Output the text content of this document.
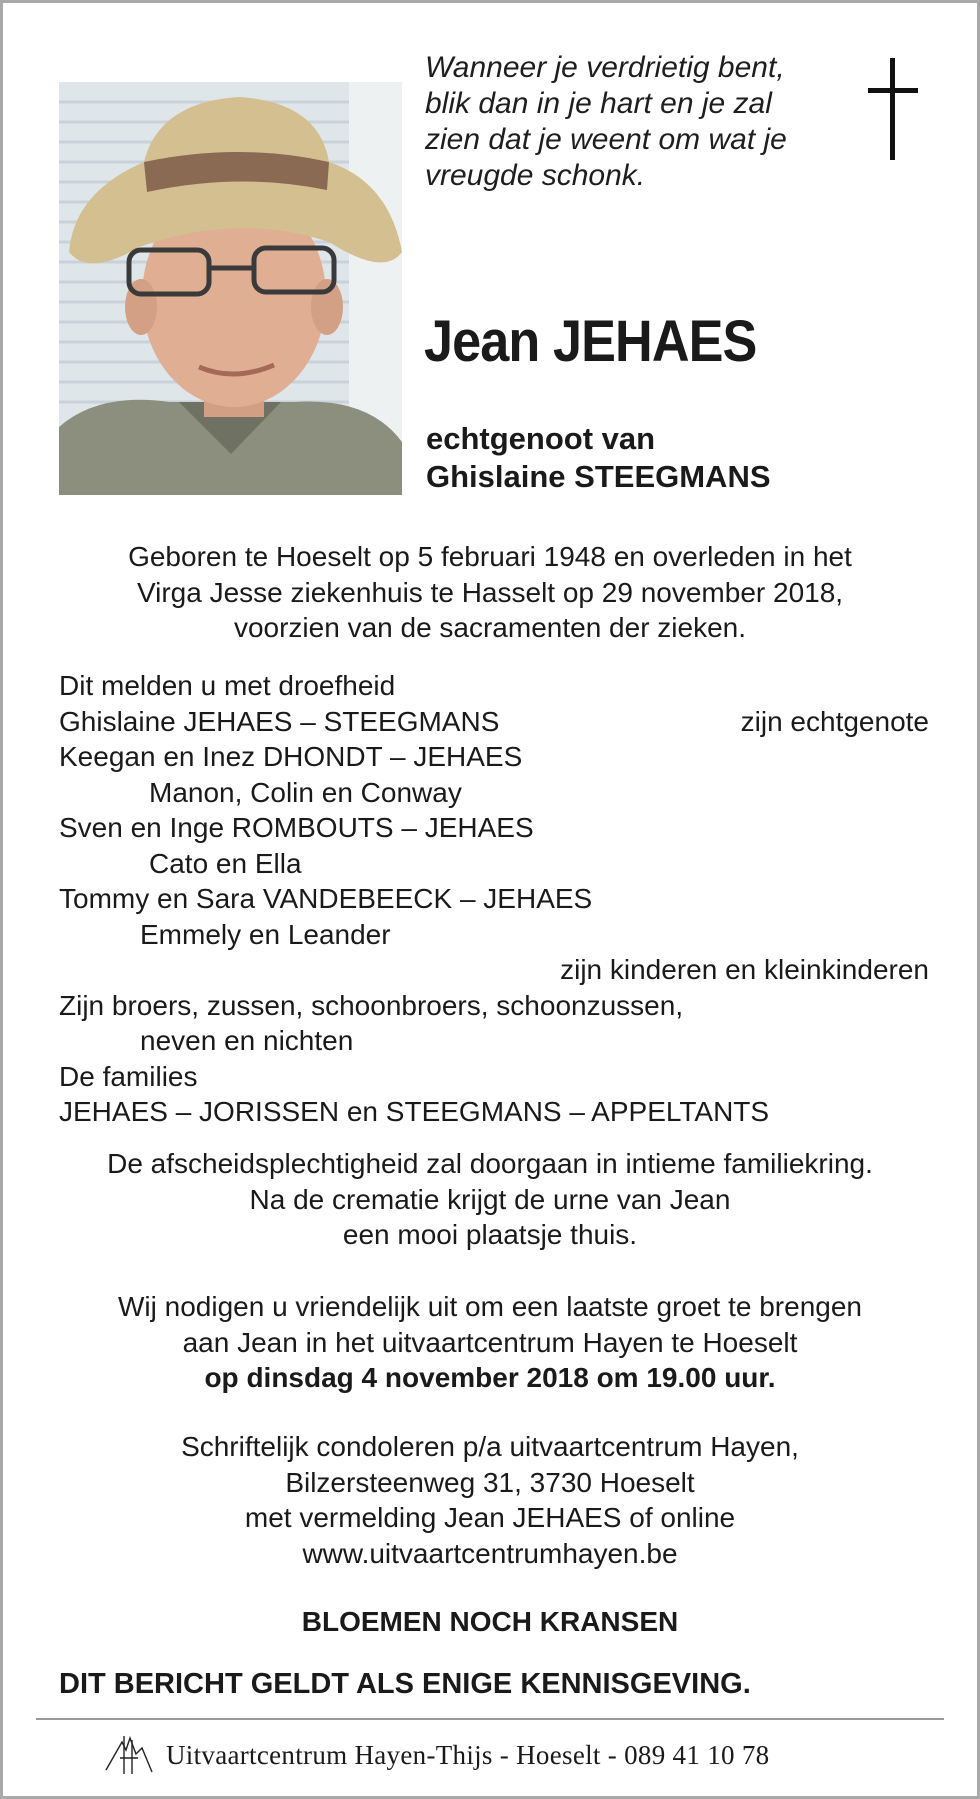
Wanneer je verdrietig bent,
blik dan in je hart en je zal
zien dat je weent om wat je
vreugde schonk.
Jean JEHAES
echtgenoot van
Ghislaine STEEGMANS
Geboren te Hoeselt op 5 februari 1948 en overleden in het
Virga Jesse ziekenhuis te Hasselt op 29 november 2018,
voorzien van de sacramenten der zieken.
Dit melden u met droefheid
Ghislaine JEHAES – STEEGMANS	zijn echtgenote
Keegan en Inez DHONDT – JEHAES
Manon, Colin en Conway
Sven en Inge ROMBOUTS – JEHAES
Cato en Ella
Tommy en Sara VANDEBEECK – JEHAES
Emmely en Leander
zijn kinderen en kleinkinderen
Zijn broers, zussen, schoonbroers, schoonzussen,
neven en nichten
De families
JEHAES – JORISSEN en STEEGMANS – APPELTANTS
De afscheidsplechtigheid zal doorgaan in intieme familiekring.
Na de crematie krijgt de urne van Jean
een mooi plaatsje thuis.
Wij nodigen u vriendelijk uit om een laatste groet te brengen
aan Jean in het uitvaartcentrum Hayen te Hoeselt
op dinsdag 4 november 2018 om 19.00 uur.
Schriftelijk condoleren p/a uitvaartcentrum Hayen,
Bilzersteenweg 31, 3730 Hoeselt
met vermelding Jean JEHAES of online
www.uitvaartcentrumhayen.be
BLOEMEN NOCH KRANSEN
DIT BERICHT GELDT ALS ENIGE KENNISGEVING.
Uitvaartcentrum Hayen-Thijs - Hoeselt - 089 41 10 78
